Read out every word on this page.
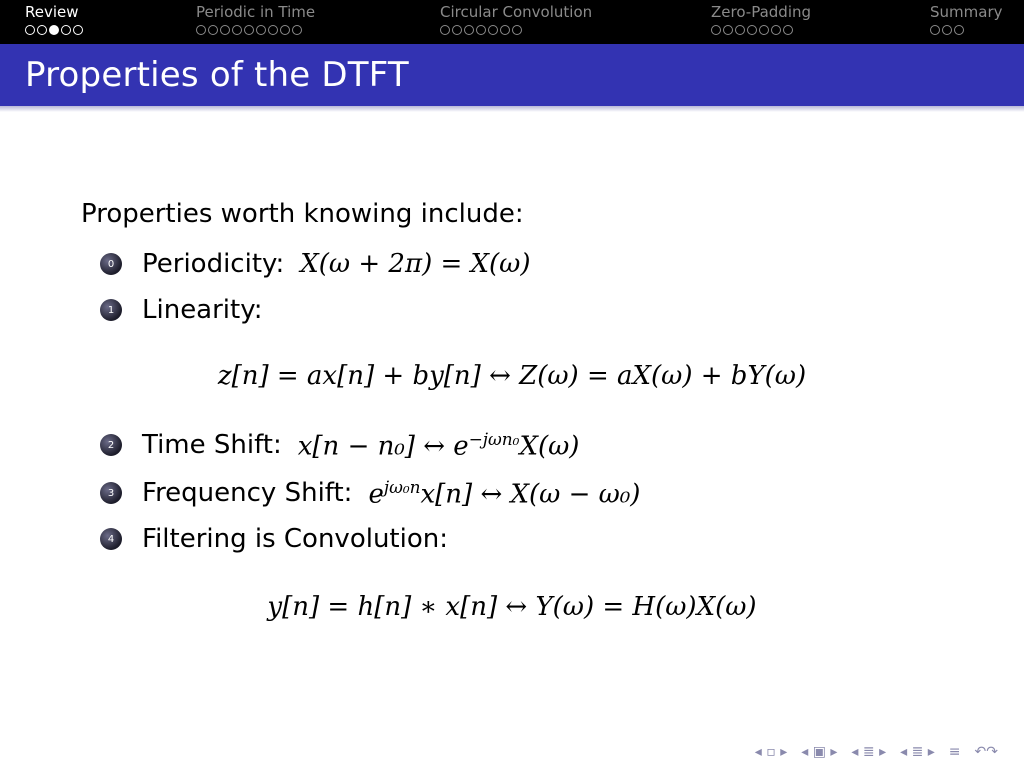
Review	Periodic in Time	Circular Convolution	Zero-Padding	Summary
Properties of the DTFT
Properties worth knowing include:
0	Periodicity: X(ω + 2π) = X(ω)
1	Linearity:
z[n] = ax[n] + by[n] ↔ Z(ω) = aX(ω) + bY(ω)
2	Time Shift: x[n − n₀] ↔ $e^{-j\omega n_0}X(\omega)$
3	Frequency Shift: $e^{j\omega_0n}x[n]$ ↔ X(ω − ω₀)
4	Filtering is Convolution:
y[n] = h[n] ∗ x[n] ↔ Y(ω) = H(ω)X(ω)
◂ ▫ ▸ ◂ ▣ ▸ ◂ ≣ ▸ ◂ ≣ ▸ ≡ ↶↷
